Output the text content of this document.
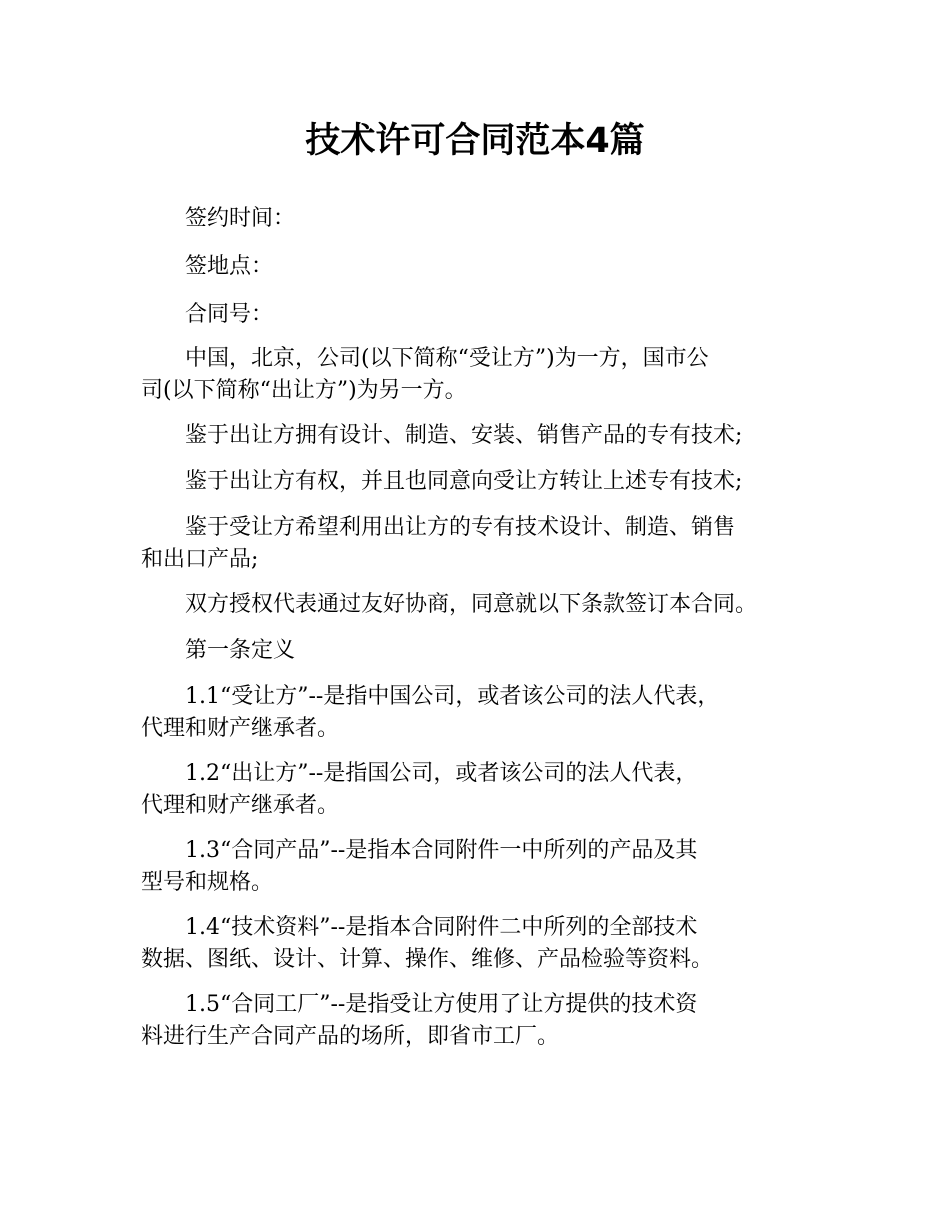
技术许可合同范本4篇
签约时间：
签地点：
合同号：
中国，北京，公司(以下简称“受让方”)为一方，国市公
司(以下简称“出让方”)为另一方。
鉴于出让方拥有设计、制造、安装、销售产品的专有技术;
鉴于出让方有权，并且也同意向受让方转让上述专有技术;
鉴于受让方希望利用出让方的专有技术设计、制造、销售
和出口产品;
双方授权代表通过友好协商，同意就以下条款签订本合同。
第一条定义
1.1“受让方”--是指中国公司，或者该公司的法人代表，
代理和财产继承者。
1.2“出让方”--是指国公司，或者该公司的法人代表，
代理和财产继承者。
1.3“合同产品”--是指本合同附件一中所列的产品及其
型号和规格。
1.4“技术资料”--是指本合同附件二中所列的全部技术
数据、图纸、设计、计算、操作、维修、产品检验等资料。
1.5“合同工厂”--是指受让方使用了让方提供的技术资
料进行生产合同产品的场所，即省市工厂。
